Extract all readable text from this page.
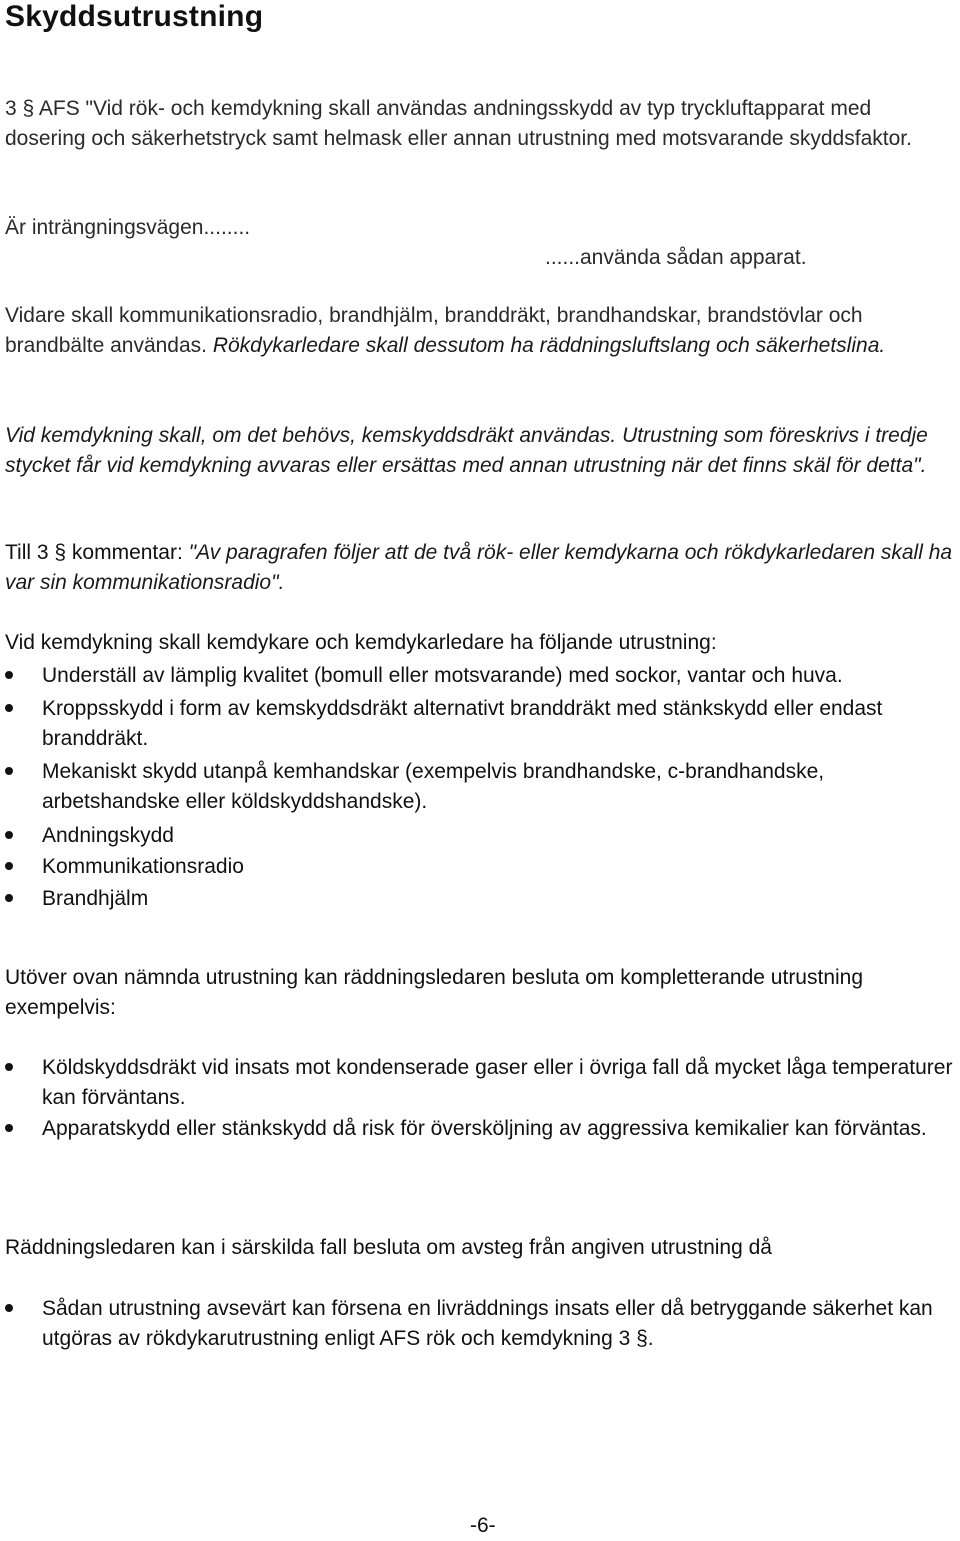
Skyddsutrustning
3 § AFS "Vid rök- och kemdykning skall användas andningsskydd av typ tryckluftapparat med dosering och säkerhetstryck samt helmask eller annan utrustning med motsvarande skyddsfaktor.
Är inträngningsvägen........
......använda sådan apparat.
Vidare skall kommunikationsradio, brandhjälm, branddräkt, brandhandskar, brandstövlar och brandbälte användas. Rökdykarledare skall dessutom ha räddningsluftslang och säkerhetslina.
Vid kemdykning skall, om det behövs, kemskyddsdräkt användas. Utrustning som föreskrivs i tredje stycket får vid kemdykning avvaras eller ersättas med annan utrustning när det finns skäl för detta".
Till 3 § kommentar: "Av paragrafen följer att de två rök- eller kemdykarna och rökdykarledaren skall ha var sin kommunikationsradio".
Vid kemdykning skall kemdykare och kemdykarledare ha följande utrustning:
Underställ av lämplig kvalitet (bomull eller motsvarande) med sockor, vantar och huva.
Kroppsskydd i form av kemskyddsdräkt alternativt branddräkt med stänkskydd eller endast branddräkt.
Mekaniskt skydd utanpå kemhandskar (exempelvis brandhandske, c-brandhandske, arbetshandske eller köldskyddshandske).
Andningskydd
Kommunikationsradio
Brandhjälm
Utöver ovan nämnda utrustning kan räddningsledaren besluta om kompletterande utrustning exempelvis:
Köldskyddsdräkt vid insats mot kondenserade gaser eller i övriga fall då mycket låga temperaturer kan förväntans.
Apparatskydd eller stänkskydd då risk för översköljning av aggressiva kemikalier kan förväntas.
Räddningsledaren kan i särskilda fall besluta om avsteg från angiven utrustning då
Sådan utrustning avsevärt kan försena en livräddnings insats eller då betryggande säkerhet kan utgöras av rökdykarutrustning enligt AFS rök och kemdykning 3 §.
-6-
